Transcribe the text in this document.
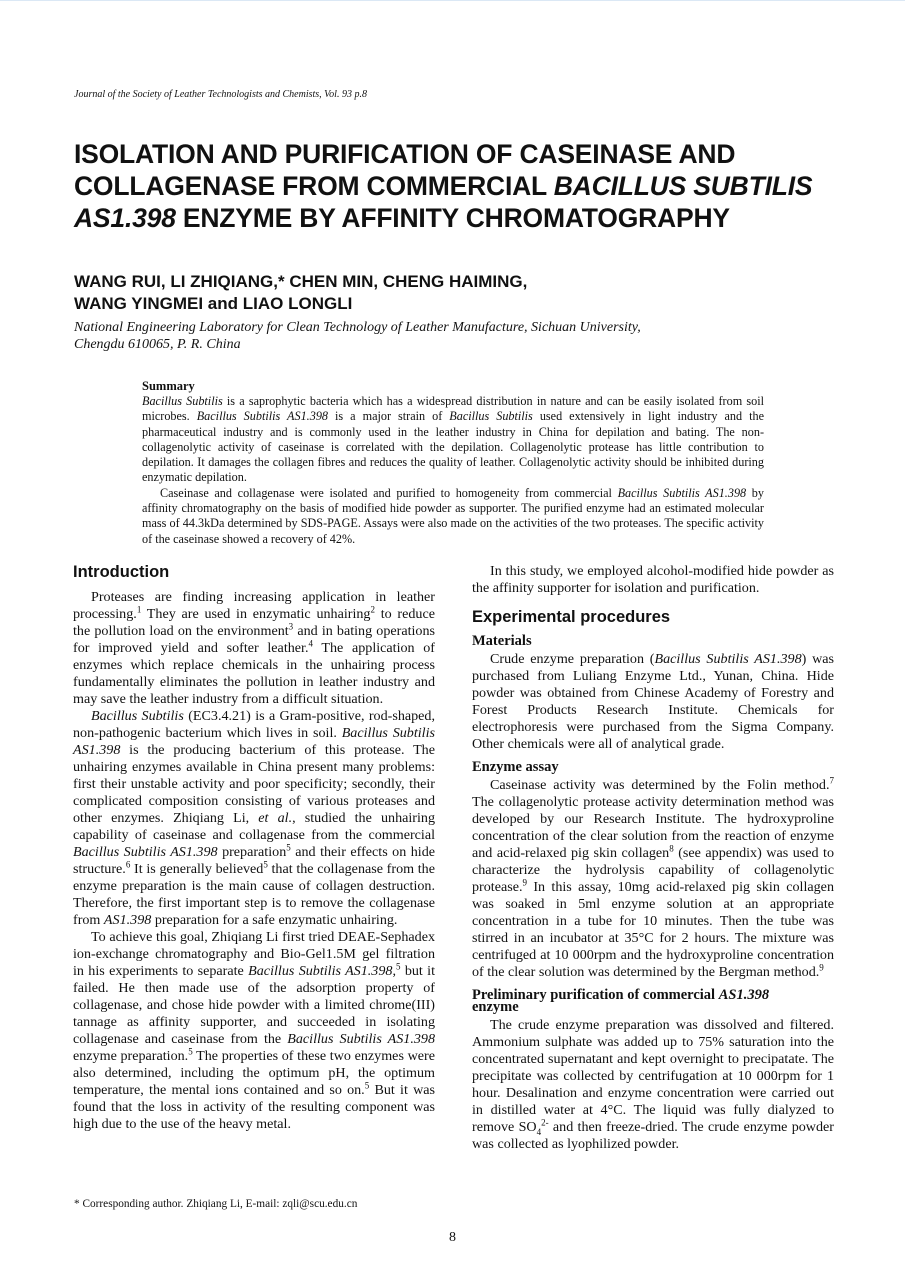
Journal of the Society of Leather Technologists and Chemists, Vol. 93 p.8
ISOLATION AND PURIFICATION OF CASEINASE AND COLLAGENASE FROM COMMERCIAL BACILLUS SUBTILIS AS1.398 ENZYME BY AFFINITY CHROMATOGRAPHY
WANG RUI, LI ZHIQIANG,* CHEN MIN, CHENG HAIMING,
WANG YINGMEI and LIAO LONGLI
National Engineering Laboratory for Clean Technology of Leather Manufacture, Sichuan University,
Chengdu 610065, P. R. China
Summary

Bacillus Subtilis is a saprophytic bacteria which has a widespread distribution in nature and can be easily isolated from soil microbes. Bacillus Subtilis AS1.398 is a major strain of Bacillus Subtilis used extensively in light industry and the pharmaceutical industry and is commonly used in the leather industry in China for depilation and bating. The non-collagenolytic activity of caseinase is correlated with the depilation. Collagenolytic protease has little contribution to depilation. It damages the collagen fibres and reduces the quality of leather. Collagenolytic activity should be inhibited during enzymatic depilation.

Caseinase and collagenase were isolated and purified to homogeneity from commercial Bacillus Subtilis AS1.398 by affinity chromatography on the basis of modified hide powder as supporter. The purified enzyme had an estimated molecular mass of 44.3kDa determined by SDS-PAGE. Assays were also made on the activities of the two proteases. The specific activity of the caseinase showed a recovery of 42%.

Introduction

Proteases are finding increasing application in leather processing.$^1$ They are used in enzymatic unhairing$^2$ to reduce the pollution load on the environment$^3$ and in bating operations for improved yield and softer leather.$^4$ The application of enzymes which replace chemicals in the unhairing process fundamentally eliminates the pollution in leather industry and may save the leather industry from a difficult situation.

Bacillus Subtilis (EC3.4.21) is a Gram-positive, rod-shaped, non-pathogenic bacterium which lives in soil. Bacillus Subtilis AS1.398 is the producing bacterium of this protease. The unhairing enzymes available in China present many problems: first their unstable activity and poor specificity; secondly, their complicated composition consisting of various proteases and other enzymes. Zhiqiang Li, et al., studied the unhairing capability of caseinase and collagenase from the commercial Bacillus Subtilis AS1.398 preparation$^5$ and their effects on hide structure.$^6$ It is generally believed$^5$ that the collagenase from the enzyme preparation is the main cause of collagen destruction. Therefore, the first important step is to remove the collagenase from AS1.398 preparation for a safe enzymatic unhairing.

To achieve this goal, Zhiqiang Li first tried DEAE-Sephadex ion-exchange chromatography and Bio-Gel1.5M gel filtration in his experiments to separate Bacillus Subtilis AS1.398,$^5$ but it failed. He then made use of the adsorption property of collagenase, and chose hide powder with a limited chrome(III) tannage as affinity supporter, and succeeded in isolating collagenase and caseinase from the Bacillus Subtilis AS1.398 enzyme preparation.$^5$ The properties of these two enzymes were also determined, including the optimum pH, the optimum temperature, the mental ions contained and so on.$^5$ But it was found that the loss in activity of the resulting component was high due to the use of the heavy metal.

In this study, we employed alcohol-modified hide powder as the affinity supporter for isolation and purification.

Experimental procedures
Materials

Crude enzyme preparation (Bacillus Subtilis AS1.398) was purchased from Luliang Enzyme Ltd., Yunan, China. Hide powder was obtained from Chinese Academy of Forestry and Forest Products Research Institute. Chemicals for electrophoresis were purchased from the Sigma Company. Other chemicals were all of analytical grade.

Enzyme assay

Caseinase activity was determined by the Folin method.$^7$ The collagenolytic protease activity determination method was developed by our Research Institute. The hydroxyproline concentration of the clear solution from the reaction of enzyme and acid-relaxed pig skin collagen$^8$ (see appendix) was used to characterize the hydrolysis capability of collagenolytic protease.$^9$ In this assay, 10mg acid-relaxed pig skin collagen was soaked in 5ml enzyme solution at an appropriate concentration in a tube for 10 minutes. Then the tube was stirred in an incubator at 35°C for 2 hours. The mixture was centrifuged at 10 000rpm and the hydroxyproline concentration of the clear solution was determined by the Bergman method.$^9$

Preliminary purification of commercial AS1.398
enzyme

The crude enzyme preparation was dissolved and filtered. Ammonium sulphate was added up to 75% saturation into the concentrated supernatant and kept overnight to precipatate. The precipitate was collected by centrifugation at 10 000rpm for 1 hour. Desalination and enzyme concentration were carried out in distilled water at 4°C. The liquid was fully dialyzed to remove $SO_4^{2-}$ and then freeze-dried. The crude enzyme powder was collected as lyophilized powder.

* Corresponding author. Zhiqiang Li, E-mail: zqli@scu.edu.cn
8
